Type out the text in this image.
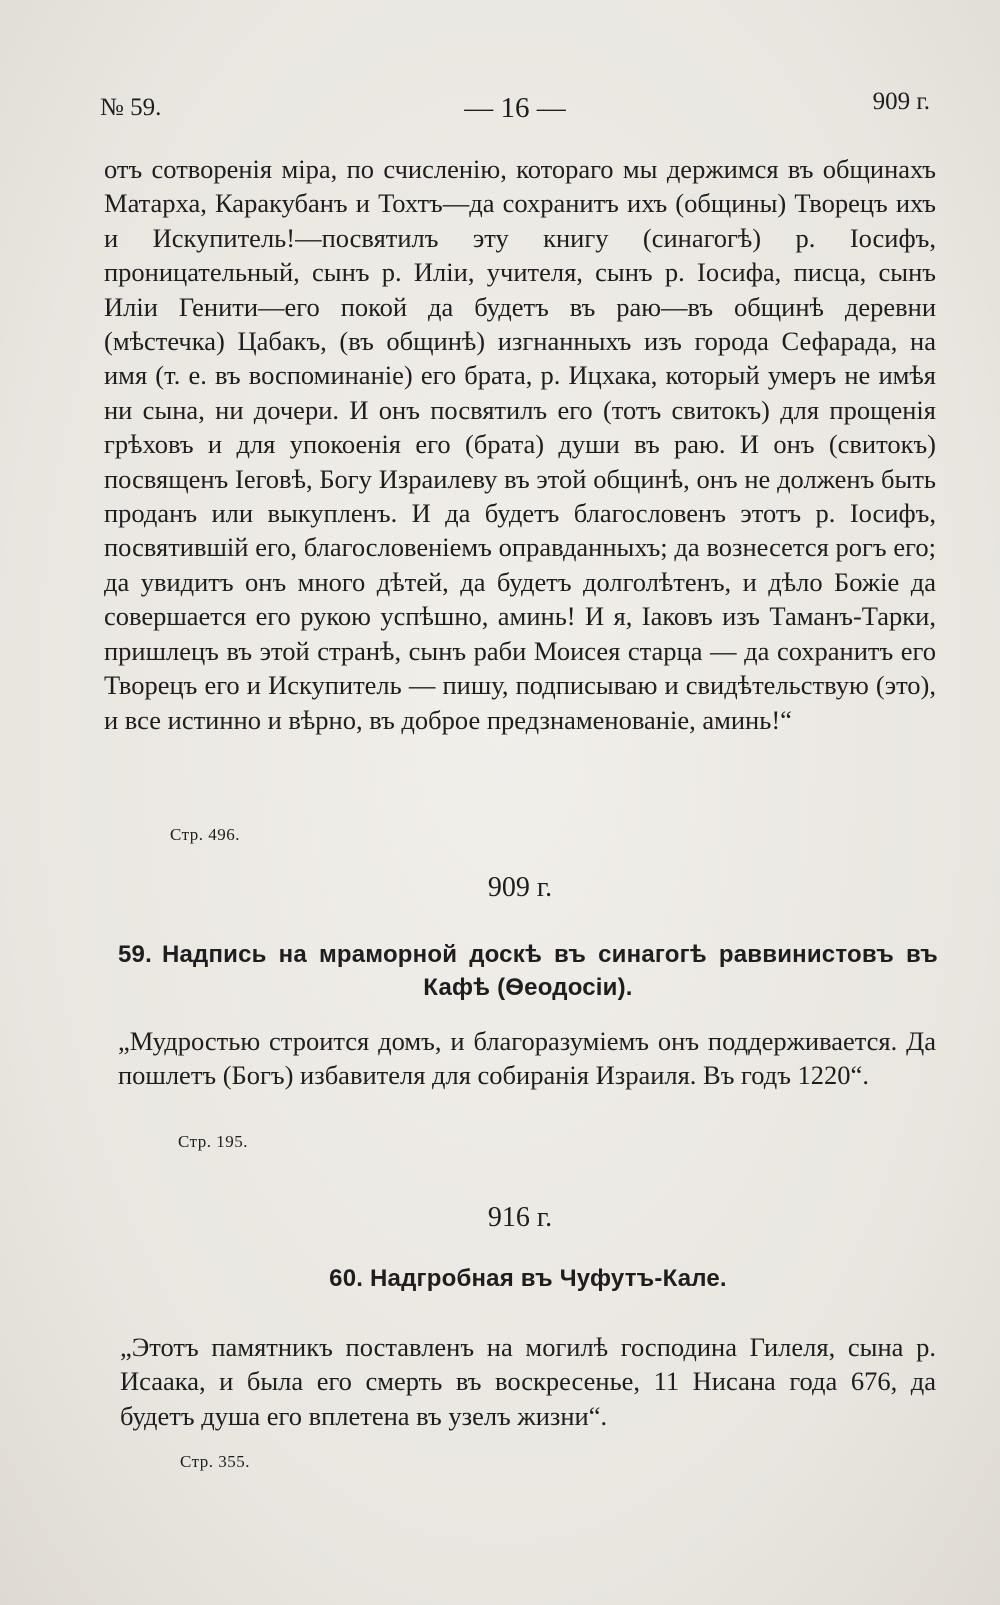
№ 59.	— 16 —	909 г.

отъ сотворенія міра, по счисленію, котораго мы держимся въ общинахъ Матарха, Каракубанъ и Тохтъ—да сохранитъ ихъ (общины) Творецъ ихъ и Искупитель!—посвятилъ эту книгу (синагогѣ) р. Іосифъ, проницательный, сынъ р. Иліи, учителя, сынъ р. Іосифа, писца, сынъ Иліи Генити—его покой да будетъ въ раю—въ общинѣ деревни (мѣстечка) Цабакъ, (въ общинѣ) изгнанныхъ изъ города Сефарада, на имя (т. е. въ воспоминаніе) его брата, р. Ицхака, который умеръ не имѣя ни сына, ни дочери. И онъ посвятилъ его (тотъ свитокъ) для прощенія грѣховъ и для упокоенія его (брата) души въ раю. И онъ (свитокъ) посвященъ Іеговѣ, Богу Израилеву въ этой общинѣ, онъ не долженъ быть проданъ или выкупленъ. И да будетъ благословенъ этотъ р. Іосифъ, посвятившій его, благословеніемъ оправданныхъ; да вознесется рогъ его; да увидитъ онъ много дѣтей, да будетъ долголѣтенъ, и дѣло Божіе да совершается его рукою успѣшно, аминь! И я, Іаковъ изъ Таманъ-Тарки, пришлецъ въ этой странѣ, сынъ раби Моисея старца — да сохранитъ его Творецъ его и Искупитель — пишу, подписываю и свидѣтельствую (это), и все истинно и вѣрно, въ доброе предзнаменованіе, аминь!“

Стр. 496.
909 г.
59. Надпись на мраморной доскѣ въ синагогѣ раввинистовъ въ
Кафѣ (Ѳеодосіи).

„Мудростью строится домъ, и благоразуміемъ онъ поддерживается. Да пошлетъ (Богъ) избавителя для собиранія Израиля. Въ годъ 1220“.

Стр. 195.
916 г.
60. Надгробная въ Чуфутъ-Кале.

„Этотъ памятникъ поставленъ на могилѣ господина Гилеля, сына р. Исаака, и была его смерть въ воскресенье, 11 Нисана года 676, да будетъ душа его вплетена въ узелъ жизни“.

Стр. 355.
